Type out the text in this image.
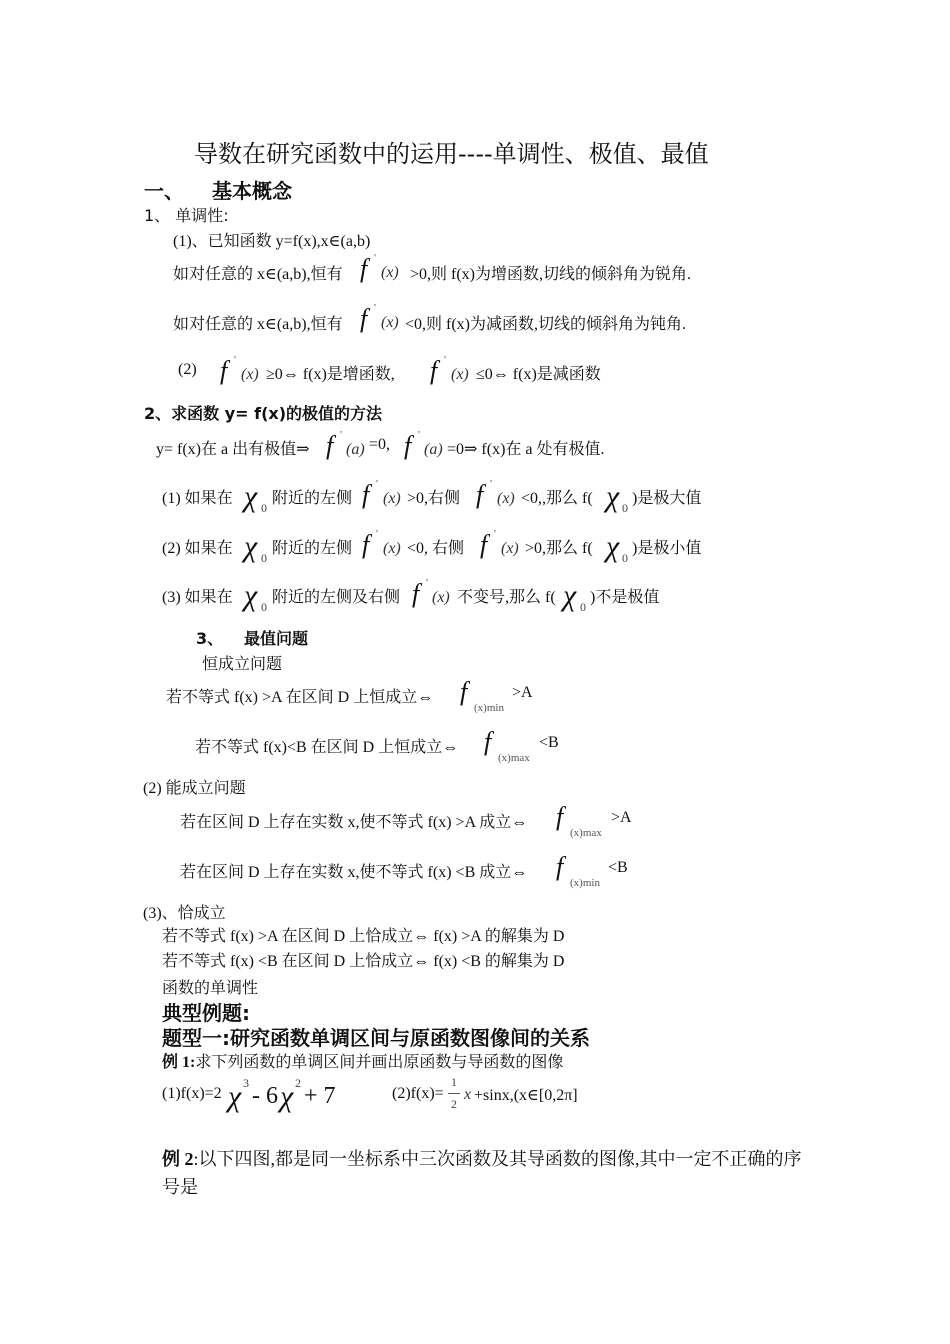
导数在研究函数中的运用----单调性、极值、最值
一、 基本概念
1、 单调性:
(1)、已知函数 y=f(x),x∈(a,b)
如对任意的 x∈(a,b),恒有 f '
(x) >0,则 f(x)为增函数,切线的倾斜角为锐角.
如对任意的 x∈(a,b),恒有 f '
(x) <0,则 f(x)为减函数,切线的倾斜角为钝角.
(2) f '
(x) ≥0⇔ f(x)是增函数, f '
(x) ≤0⇔ f(x)是减函数
2、求函数 y= f(x)的极值的方法
y= f(x)在 a 出有极值⇒ f '
(a) =0, f '
(a) =0⇒ f(x)在 a 处有极值.
(1) 如果在 χ 0
附近的左侧 f '
(x) >0,右侧 f '
(x) <0,,那么 f( χ 0
)是极大值
(2) 如果在 χ 0
附近的左侧 f '
(x) <0, 右侧 f '
(x) >0,那么 f( χ 0
)是极小值
(3) 如果在 χ 0
附近的左侧及右侧 f '
(x) 不变号,那么 f( χ 0
)不是极值
3、 最值问题
恒成立问题
若不等式 f(x) >A 在区间 D 上恒成立⇔ f
(x)min
>A
若不等式 f(x)<B 在区间 D 上恒成立⇔ f
(x)max
<B
(2) 能成立问题
若在区间 D 上存在实数 x,使不等式 f(x) >A 成立⇔ f
(x)max
>A
若在区间 D 上存在实数 x,使不等式 f(x) <B 成立⇔ f
(x)min
<B
(3)、恰成立
若不等式 f(x) >A 在区间 D 上恰成立⇔ f(x) >A 的解集为 D
若不等式 f(x) <B 在区间 D 上恰成立⇔ f(x) <B 的解集为 D
函数的单调性
典型例题:
题型一:研究函数单调区间与原函数图像间的关系
例 1:求下列函数的单调区间并画出原函数与导函数的图像
(1)f(x)=2 χ 3 - 6 χ 2 + 7	(2)f(x)=
1
2
x +sinx,(x∈[0,2π]
例 2:以下四图,都是同一坐标系中三次函数及其导函数的图像,其中一定不正确的序号是
